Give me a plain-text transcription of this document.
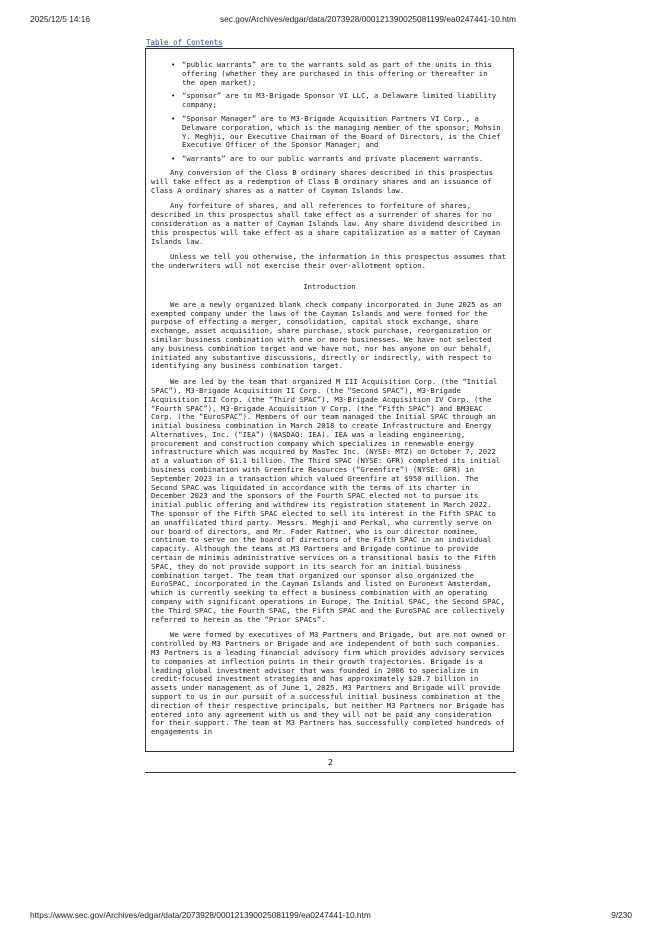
2025/12/5 14:16	sec.gov/Archives/edgar/data/2073928/000121390025081199/ea0247441-10.htm
Table of Contents
• “public warrants” are to the warrants sold as part of the units in this offering (whether they are purchased in this offering or thereafter in the open market);
• “sponsor” are to M3-Brigade Sponsor VI LLC, a Delaware limited liability company;
• “Sponsor Manager” are to M3-Brigade Acquisition Partners VI Corp., a Delaware corporation, which is the managing member of the sponsor; Mohsin Y. Meghji, our Executive Chairman of the Board of Directors, is the Chief Executive Officer of the Sponsor Manager; and
• “warrants” are to our public warrants and private placement warrants.

Any conversion of the Class B ordinary shares described in this prospectus will take effect as a redemption of Class B ordinary shares and an issuance of Class A ordinary shares as a matter of Cayman Islands law.

Any forfeiture of shares, and all references to forfeiture of shares, described in this prospectus shall take effect as a surrender of shares for no consideration as a matter of Cayman Islands law. Any share dividend described in this prospectus will take effect as a share capitalization as a matter of Cayman Islands law.

Unless we tell you otherwise, the information in this prospectus assumes that the underwriters will not exercise their over-allotment option.

Introduction

We are a newly organized blank check company incorporated in June 2025 as an exempted company under the laws of the Cayman Islands and were formed for the purpose of effecting a merger, consolidation, capital stock exchange, share exchange, asset acquisition, share purchase, stock purchase, reorganization or similar business combination with one or more businesses. We have not selected any business combination target and we have not, nor has anyone on our behalf, initiated any substantive discussions, directly or indirectly, with respect to identifying any business combination target.

We are led by the team that organized M III Acquisition Corp. (the “Initial SPAC”), M3-Brigade Acquisition II Corp. (the “Second SPAC”), M3-Brigade Acquisition III Corp. (the “Third SPAC”), M3-Brigade Acquisition IV Corp. (the “Fourth SPAC”), M3-Brigade Acquisition V Corp. (the “Fifth SPAC”) and BM3EAC Corp. (the “EuroSPAC”). Members of our team managed the Initial SPAC through an initial business combination in March 2018 to create Infrastructure and Energy Alternatives, Inc. (“IEA”) (NASDAQ: IEA). IEA was a leading engineering, procurement and construction company which specializes in renewable energy infrastructure which was acquired by MasTec Inc. (NYSE: MTZ) on October 7, 2022 at a valuation of $1.1 billion. The Third SPAC (NYSE: GFR) completed its initial business combination with Greenfire Resources (“Greenfire”) (NYSE: GFR) in September 2023 in a transaction which valued Greenfire at $950 million. The Second SPAC was liquidated in accordance with the terms of its charter in December 2023 and the sponsors of the Fourth SPAC elected not to pursue its initial public offering and withdrew its registration statement in March 2022. The sponsor of the Fifth SPAC elected to sell its interest in the Fifth SPAC to an unaffiliated third party. Messrs. Meghji and Perkal, who currently serve on our board of directors, and Mr. Fader Rattner, who is our director nominee, continue to serve on the board of directors of the Fifth SPAC in an individual capacity. Although the teams at M3 Partners and Brigade continue to provide certain de minimis administrative services on a transitional basis to the Fifth SPAC, they do not provide support in its search for an initial business combination target. The team that organized our sponsor also organized the EuroSPAC, incorporated in the Cayman Islands and listed on Euronext Amsterdam, which is currently seeking to effect a business combination with an operating company with significant operations in Europe. The Initial SPAC, the Second SPAC, the Third SPAC, the Fourth SPAC, the Fifth SPAC and the EuroSPAC are collectively referred to herein as the “Prior SPACs”.

We were formed by executives of M3 Partners and Brigade, but are not owned or controlled by M3 Partners or Brigade and are independent of both such companies. M3 Partners is a leading financial advisory firm which provides advisory services to companies at inflection points in their growth trajectories. Brigade is a leading global investment advisor that was founded in 2006 to specialize in credit-focused investment strategies and has approximately $28.7 billion in assets under management as of June 1, 2025. M3 Partners and Brigade will provide support to us in our pursuit of a successful initial business combination at the direction of their respective principals, but neither M3 Partners nor Brigade has entered into any agreement with us and they will not be paid any consideration for their support. The team at M3 Partners has successfully completed hundreds of engagements in

2
https://www.sec.gov/Archives/edgar/data/2073928/000121390025081199/ea0247441-10.htm	9/230
